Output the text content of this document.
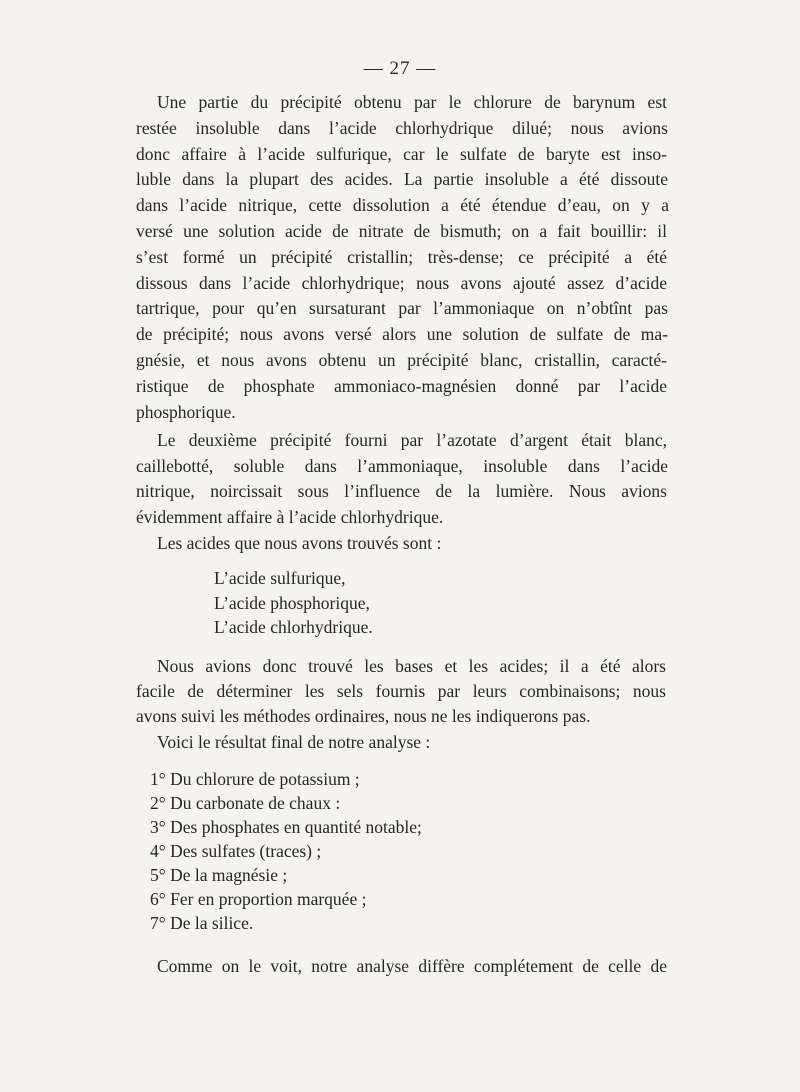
— 27 —
Une partie du précipité obtenu par le chlorure de barynum est
restée insoluble dans l’acide chlorhydrique dilué; nous avions
donc affaire à l’acide sulfurique, car le sulfate de baryte est inso-
luble dans la plupart des acides. La partie insoluble a été dissoute
dans l’acide nitrique, cette dissolution a été étendue d’eau, on y a
versé une solution acide de nitrate de bismuth; on a fait bouillir: il
s’est formé un précipité cristallin; très-dense; ce précipité a été
dissous dans l’acide chlorhydrique; nous avons ajouté assez d’acide
tartrique, pour qu’en sursaturant par l’ammoniaque on n’obtînt pas
de précipité; nous avons versé alors une solution de sulfate de ma-
gnésie, et nous avons obtenu un précipité blanc, cristallin, caracté-
ristique de phosphate ammoniaco-magnésien donné par l’acide
phosphorique.
Le deuxième précipité fourni par l’azotate d’argent était blanc,
caillebotté, soluble dans l’ammoniaque, insoluble dans l’acide
nitrique, noircissait sous l’influence de la lumière. Nous avions
évidemment affaire à l’acide chlorhydrique.
Les acides que nous avons trouvés sont :
L’acide sulfurique,
L’acide phosphorique,
L’acide chlorhydrique.
Nous avions donc trouvé les bases et les acides; il a été alors
facile de déterminer les sels fournis par leurs combinaisons; nous
avons suivi les méthodes ordinaires, nous ne les indiquerons pas.
Voici le résultat final de notre analyse :
1° Du chlorure de potassium ;
2° Du carbonate de chaux :
3° Des phosphates en quantité notable;
4° Des sulfates (traces) ;
5° De la magnésie ;
6° Fer en proportion marquée ;
7° De la silice.
Comme on le voit, notre analyse diffère complétement de celle de
